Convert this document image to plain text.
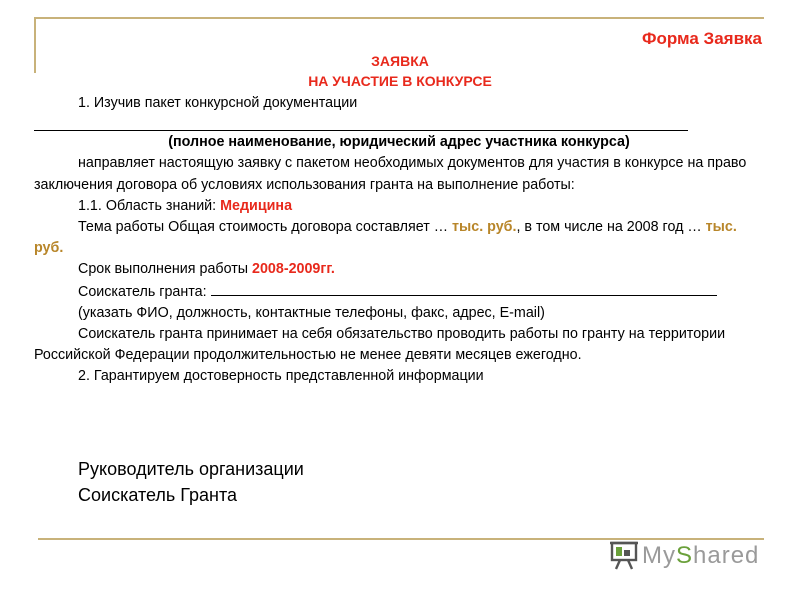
Форма Заявка
ЗАЯВКА
НА УЧАСТИЕ В КОНКУРСЕ

1. Изучив пакет конкурсной документации

(полное наименование, юридический адрес участника конкурса)

направляет настоящую заявку с пакетом необходимых документов для участия в конкурсе на право заключения договора об условиях использования гранта на выполнение работы:

1.1. Область знаний: Медицина

Тема работы Общая стоимость договора составляет … тыс. руб., в том числе на 2008 год … тыс. руб.

Срок выполнения работы 2008-2009гг.

Соискатель гранта:

(указать ФИО, должность, контактные телефоны, факс, адрес, E-mail)

Соискатель гранта принимает на себя обязательство проводить работы по гранту на территории Российской Федерации продолжительностью не менее девяти месяцев ежегодно.

2. Гарантируем достоверность представленной информации

Руководитель организации
Соискатель Гранта
MyShared
